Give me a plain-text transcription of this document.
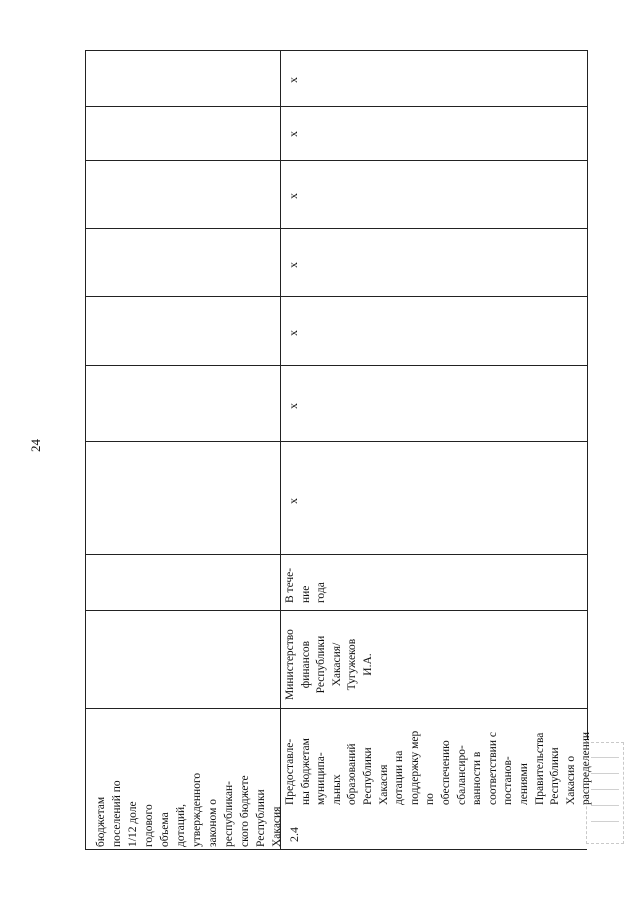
24
бюджетам поселений по 1/12 доле годового объема дотаций, утвержденного законом о республикан- ского бюджете Республики Хакасия 2.4
Предоставле- ны бюджетам муниципа- льных образований Республики Хакасия дотации на поддержку мер по обеспечению сбалансиро- ванности в соответствии с постанов- лениями Правительства Республики Хакасия о распределении
Министерство финансов Республики Хакасия/ Тугужеков И.А.
В тече- ние года
x
x
x
x
x
x
x
